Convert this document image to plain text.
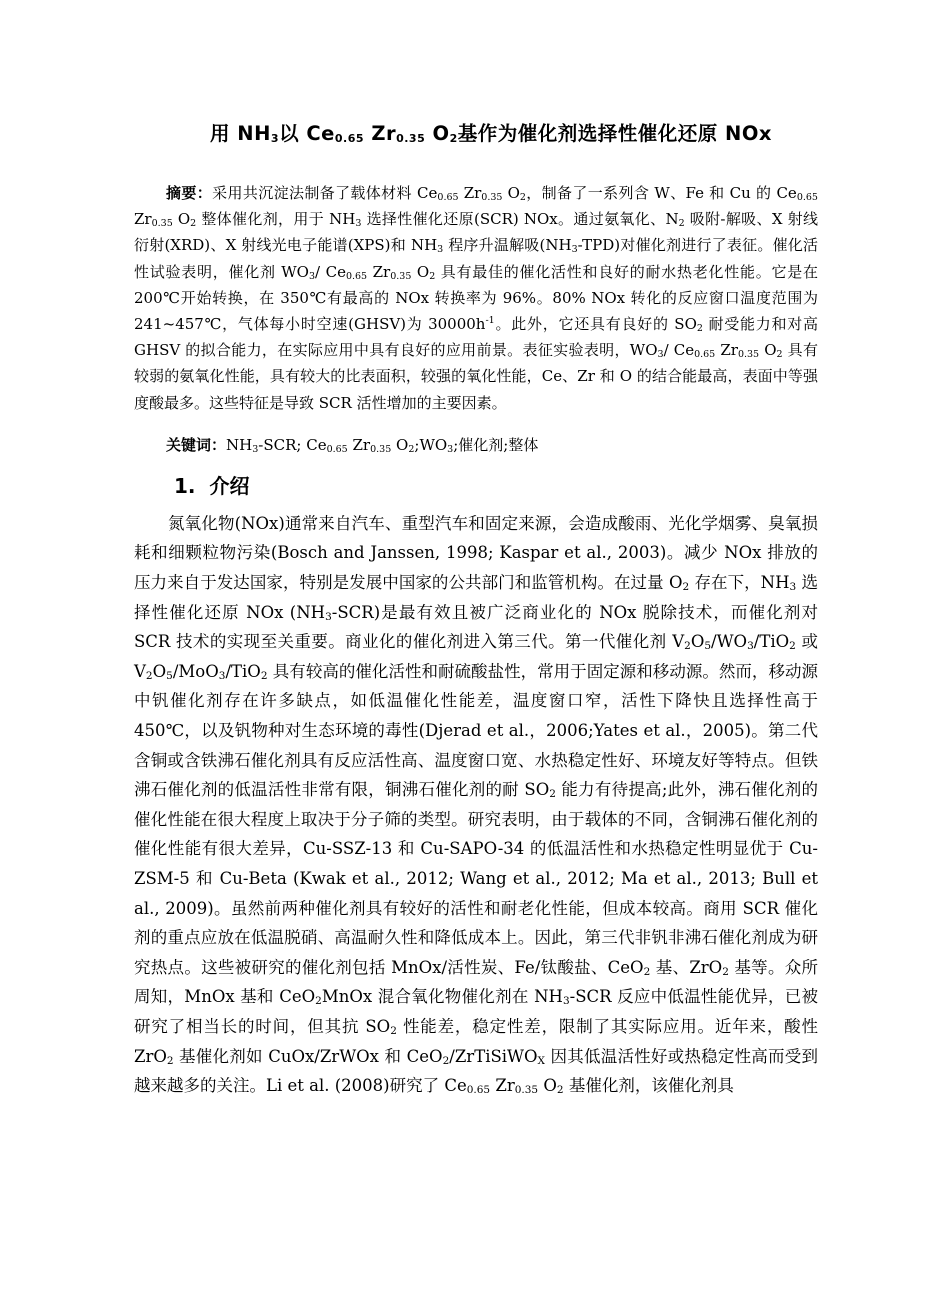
用 $NH_3$以 $Ce_{0.65}$ $Zr_{0.35}$ $O_2$基作为催化剂选择性催化还原 NOx

摘要：采用共沉淀法制备了载体材料 $Ce_{0.65}$ $Zr_{0.35}$ $O_2$，制备了一系列含 W、Fe 和 Cu 的 $Ce_{0.65}$ $Zr_{0.35}$ $O_2$ 整体催化剂，用于 $NH_3$ 选择性催化还原(SCR) NOx。通过氨氧化、$N_2$ 吸附-解吸、X 射线衍射(XRD)、X 射线光电子能谱(XPS)和 $NH_3$ 程序升温解吸$(NH_3-TPD)$对催化剂进行了表征。催化活性试验表明，催化剂 $WO_3/$ $Ce_{0.65}$ $Zr_{0.35}$ $O_2$ 具有最佳的催化活性和良好的耐水热老化性能。它是在 200℃开始转换，在 350℃有最高的 NOx 转换率为 96%。80% NOx 转化的反应窗口温度范围为 241~457℃，气体每小时空速(GHSV)为 $30000h^{-1}$。此外，它还具有良好的 $SO_2$ 耐受能力和对高 GHSV 的拟合能力，在实际应用中具有良好的应用前景。表征实验表明，$WO_3/$ $Ce_{0.65}$ $Zr_{0.35}$ $O_2$ 具有较弱的氨氧化性能，具有较大的比表面积，较强的氧化性能，Ce、Zr 和 O 的结合能最高，表面中等强度酸最多。这些特征是导致 SCR 活性增加的主要因素。

关键词：$NH_3$-SCR; $Ce_{0.65}$ $Zr_{0.35}$ $O_2;WO_3$;催化剂;整体

1. 介绍

氮氧化物(NOx)通常来自汽车、重型汽车和固定来源，会造成酸雨、光化学烟雾、臭氧损耗和细颗粒物污染(Bosch and Janssen, 1998; Kaspar et al., 2003)。减少 NOx 排放的压力来自于发达国家，特别是发展中国家的公共部门和监管机构。在过量 $O_2$ 存在下，$NH_3$ 选择性催化还原 NOx $(NH_3-SCR)$是最有效且被广泛商业化的 NOx 脱除技术，而催化剂对 SCR 技术的实现至关重要。商业化的催化剂进入第三代。第一代催化剂 $V_2O_5/WO_3/TiO_2$ 或 $V_2O_5/MoO_3/TiO_2$ 具有较高的催化活性和耐硫酸盐性，常用于固定源和移动源。然而，移动源中钒催化剂存在许多缺点，如低温催化性能差，温度窗口窄，活性下降快且选择性高于 450℃，以及钒物种对生态环境的毒性(Djerad et al.，2006;Yates et al.，2005)。第二代含铜或含铁沸石催化剂具有反应活性高、温度窗口宽、水热稳定性好、环境友好等特点。但铁沸石催化剂的低温活性非常有限，铜沸石催化剂的耐 $SO_2$ 能力有待提高;此外，沸石催化剂的催化性能在很大程度上取决于分子筛的类型。研究表明，由于载体的不同，含铜沸石催化剂的催化性能有很大差异，Cu-SSZ-13 和 Cu-SAPO-34 的低温活性和水热稳定性明显优于 Cu-ZSM-5 和 Cu-Beta (Kwak et al., 2012; Wang et al., 2012; Ma et al., 2013; Bull et al., 2009)。虽然前两种催化剂具有较好的活性和耐老化性能，但成本较高。商用 SCR 催化剂的重点应放在低温脱硝、高温耐久性和降低成本上。因此，第三代非钒非沸石催化剂成为研究热点。这些被研究的催化剂包括 MnOx/活性炭、Fe/钛酸盐、CeO$_2$ 基、ZrO$_2$ 基等。众所周知，MnOx 基和 CeO$_2$MnOx 混合氧化物催化剂在 $NH_3$-SCR 反应中低温性能优异，已被研究了相当长的时间，但其抗 $SO_2$ 性能差，稳定性差，限制了其实际应用。近年来，酸性 ZrO$_2$ 基催化剂如 CuOx/ZrWOx 和 CeO$_2$/ZrTiSiWO$_X$ 因其低温活性好或热稳定性高而受到越来越多的关注。Li et al. (2008)研究了 $Ce_{0.65}$ $Zr_{0.35}$ $O_2$ 基催化剂，该催化剂具
